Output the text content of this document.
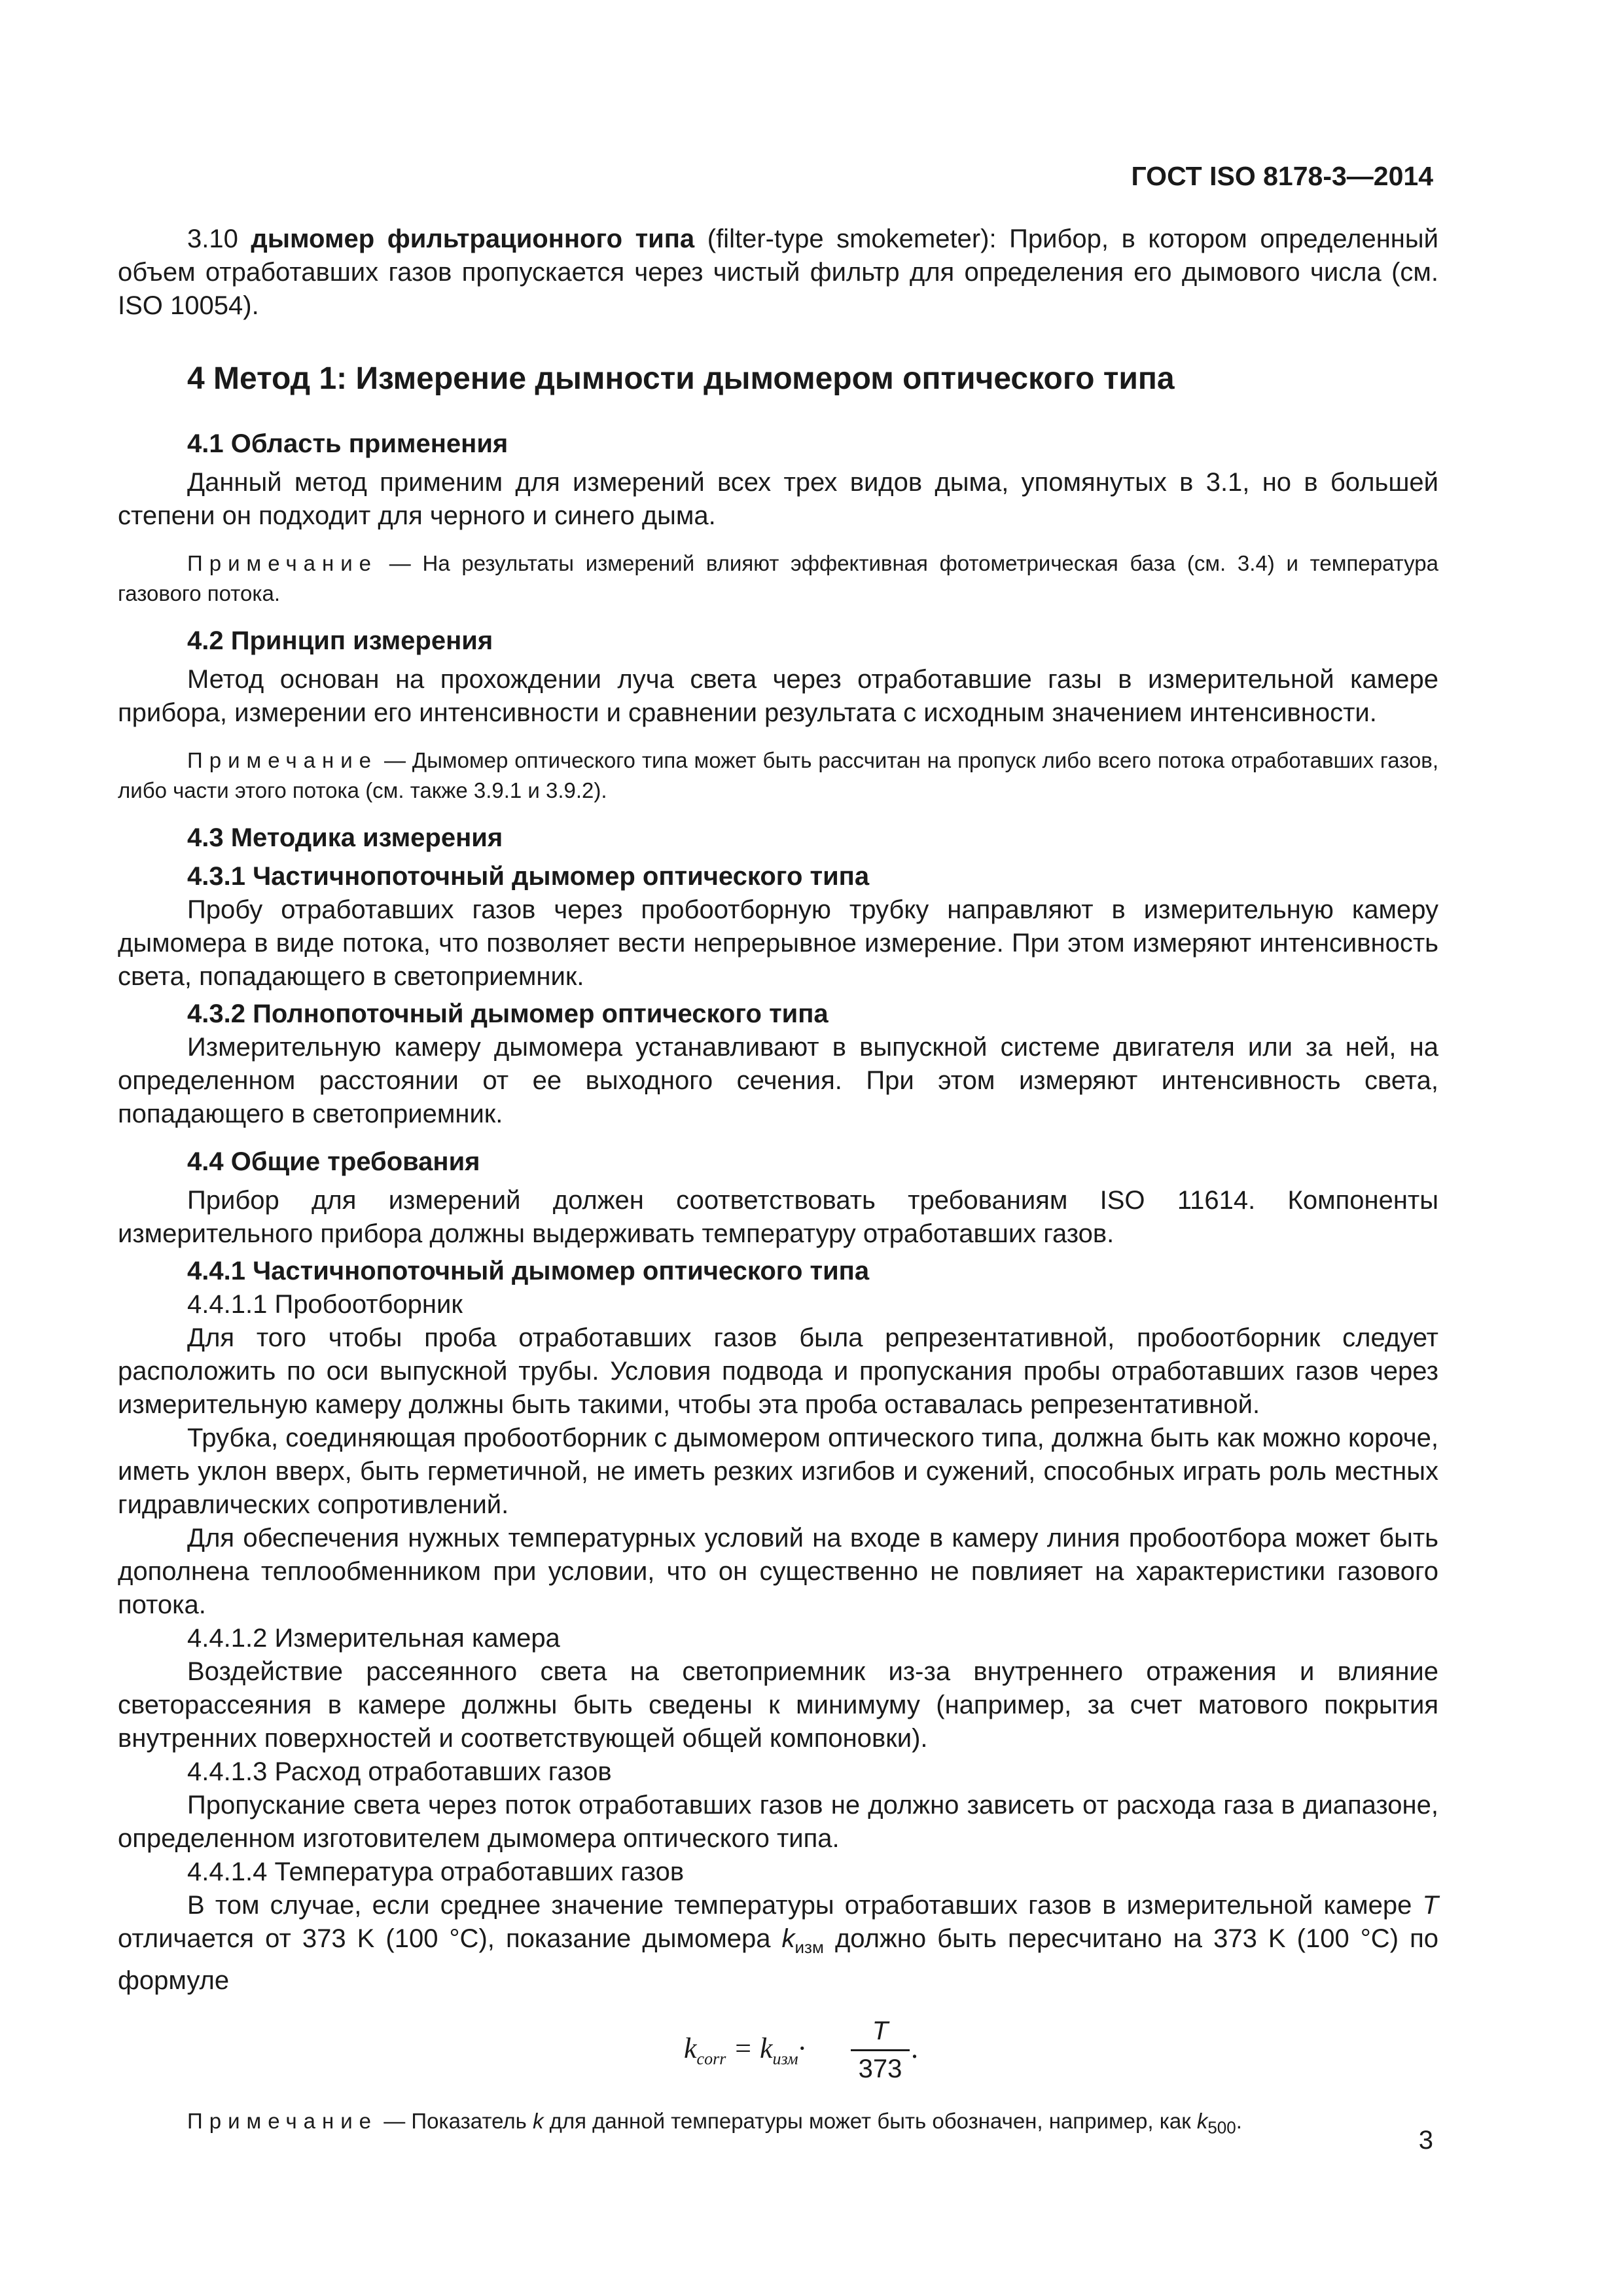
ГОСТ ISO 8178-3—2014

3.10 дымомер фильтрационного типа (filter-type smokemeter): Прибор, в котором определенный объем отработавших газов пропускается через чистый фильтр для определения его дымового числа (см. ISO 10054).

4 Метод 1: Измерение дымности дымомером оптического типа
4.1 Область применения

Данный метод применим для измерений всех трех видов дыма, упомянутых в 3.1, но в большей степени он подходит для черного и синего дыма.

Примечание — На результаты измерений влияют эффективная фотометрическая база (см. 3.4) и температура газового потока.

4.2 Принцип измерения

Метод основан на прохождении луча света через отработавшие газы в измерительной камере прибора, измерении его интенсивности и сравнении результата с исходным значением интенсивности.

Примечание — Дымомер оптического типа может быть рассчитан на пропуск либо всего потока отработавших газов, либо части этого потока (см. также 3.9.1 и 3.9.2).

4.3 Методика измерения
4.3.1 Частичнопоточный дымомер оптического типа

Пробу отработавших газов через пробоотборную трубку направляют в измерительную камеру дымомера в виде потока, что позволяет вести непрерывное измерение. При этом измеряют интенсивность света, попадающего в светоприемник.

4.3.2 Полнопоточный дымомер оптического типа

Измерительную камеру дымомера устанавливают в выпускной системе двигателя или за ней, на определенном расстоянии от ее выходного сечения. При этом измеряют интенсивность света, попадающего в светоприемник.

4.4 Общие требования

Прибор для измерений должен соответствовать требованиям ISO 11614. Компоненты измерительного прибора должны выдерживать температуру отработавших газов.

4.4.1 Частичнопоточный дымомер оптического типа
4.4.1.1 Пробоотборник

Для того чтобы проба отработавших газов была репрезентативной, пробоотборник следует расположить по оси выпускной трубы. Условия подвода и пропускания пробы отработавших газов через измерительную камеру должны быть такими, чтобы эта проба оставалась репрезентативной.

Трубка, соединяющая пробоотборник с дымомером оптического типа, должна быть как можно короче, иметь уклон вверх, быть герметичной, не иметь резких изгибов и сужений, способных играть роль местных гидравлических сопротивлений.

Для обеспечения нужных температурных условий на входе в камеру линия пробоотбора может быть дополнена теплообменником при условии, что он существенно не повлияет на характеристики газового потока.

4.4.1.2 Измерительная камера

Воздействие рассеянного света на светоприемник из-за внутреннего отражения и влияние светорассеяния в камере должны быть сведены к минимуму (например, за счет матового покрытия внутренних поверхностей и соответствующей общей компоновки).

4.4.1.3 Расход отработавших газов

Пропускание света через поток отработавших газов не должно зависеть от расхода газа в диапазоне, определенном изготовителем дымомера оптического типа.

4.4.1.4 Температура отработавших газов

В том случае, если среднее значение температуры отработавших газов в измерительной камере T отличается от 373 K (100 °C), показание дымомера $k_{изм}$ должно быть пересчитано на 373 K (100 °C) по формуле

$k_{corr} = k_{изм}\cdot$
T
373
.

Примечание — Показатель k для данной температуры может быть обозначен, например, как $k_{500}$.

3
